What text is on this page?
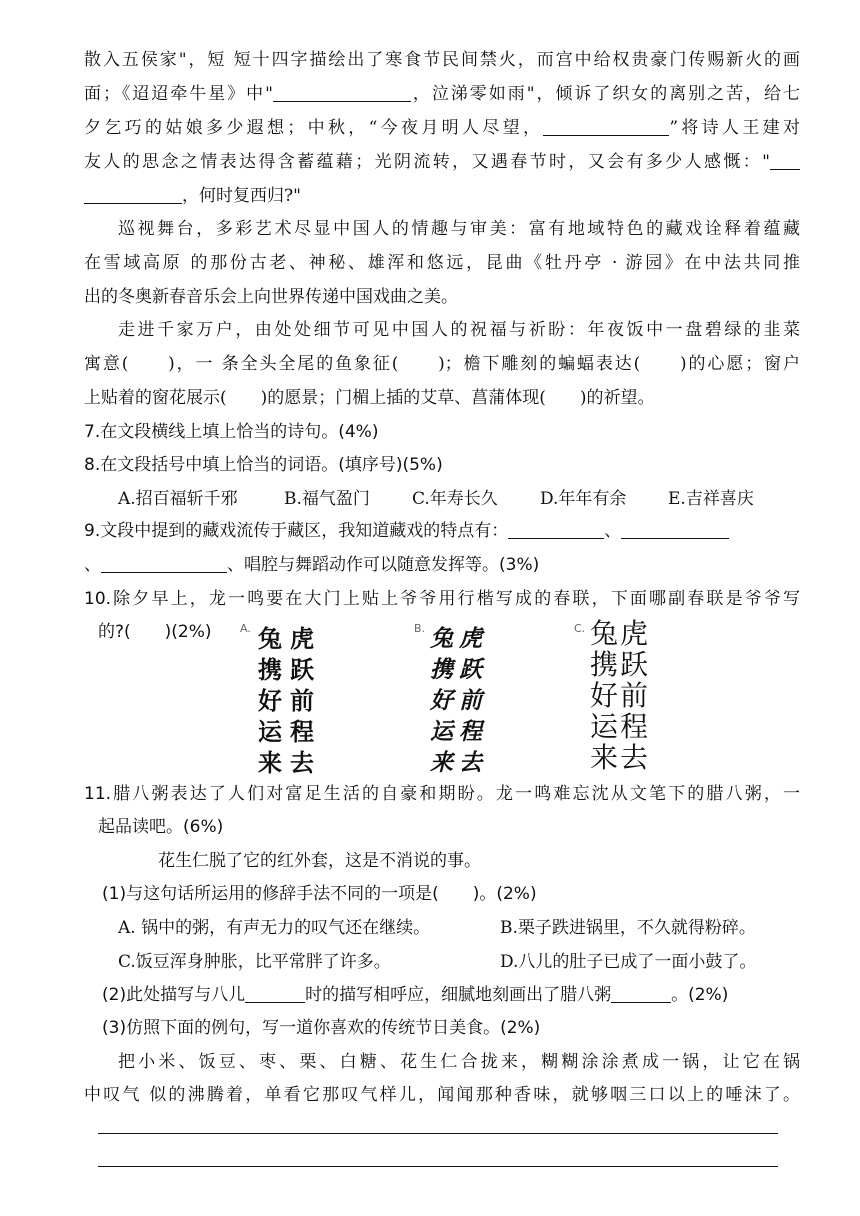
散入五侯家"，短 短十四字描绘出了寒食节民间禁火，而宫中给权贵豪门传赐新火的画
面；《迢迢牵牛星》中"	，泣涕零如雨"，倾诉了织女的离别之苦，给七
夕乞巧的姑娘多少遐想；中秋，“今夜月明人尽望，	”将诗人王建对
友人的思念之情表达得含蓄蕴藉；光阴流转，又遇春节时，又会有多少人感慨："
，何时复西归?"
巡视舞台，多彩艺术尽显中国人的情趣与审美：富有地域特色的藏戏诠释着蕴藏
在雪域高原 的那份古老、神秘、雄浑和悠远，昆曲《牡丹亭 · 游园》在中法共同推
出的冬奥新春音乐会上向世界传递中国戏曲之美。
走进千家万户，由处处细节可见中国人的祝福与祈盼：年夜饭中一盘碧绿的韭菜
寓意(　　)，一 条全头全尾的鱼象征(　　)；檐下雕刻的蝙蝠表达(　　)的心愿；窗户
上贴着的窗花展示(　　)的愿景；门楣上插的艾草、菖蒲体现(　　)的祈望。
7.在文段横线上填上恰当的诗句。(4%)
8.在文段括号中填上恰当的词语。(填序号)(5%)
A.招百福斩千邪	B.福气盈门 C.年寿长久 D.年年有余 E.吉祥喜庆
9.文段中提到的藏戏流传于藏区，我知道藏戏的特点有：	、
、	、唱腔与舞蹈动作可以随意发挥等。(3%)
10.除夕早上，龙一鸣要在大门上贴上爷爷用行楷写成的春联，下面哪副春联是爷爷写
的?(　　)(2%)	A. 兔虎
携跃
好前
运程
来去
B. 兔虎
携跃
好前
运程
来去
C. 兔虎
携跃
好前
运程
来去
11.腊八粥表达了人们对富足生活的自豪和期盼。龙一鸣难忘沈从文笔下的腊八粥，一
起品读吧。(6%)
花生仁脱了它的红外套，这是不消说的事。
(1)与这句话所运用的修辞手法不同的一项是(　　)。(2%)
A. 锅中的粥，有声无力的叹气还在继续。	B.栗子跌进锅里，不久就得粉碎。
C.饭豆浑身肿胀，比平常胖了许多。	D.八儿的肚子已成了一面小鼓了。
(2)此处描写与八儿	时的描写相呼应，细腻地刻画出了腊八粥	。(2%)
(3)仿照下面的例句，写一道你喜欢的传统节日美食。(2%)
把小米、饭豆、枣、栗、白糖、花生仁合拢来，糊糊涂涂煮成一锅，让它在锅
中叹气 似的沸腾着，单看它那叹气样儿，闻闻那种香味，就够咽三口以上的唾沫了。
